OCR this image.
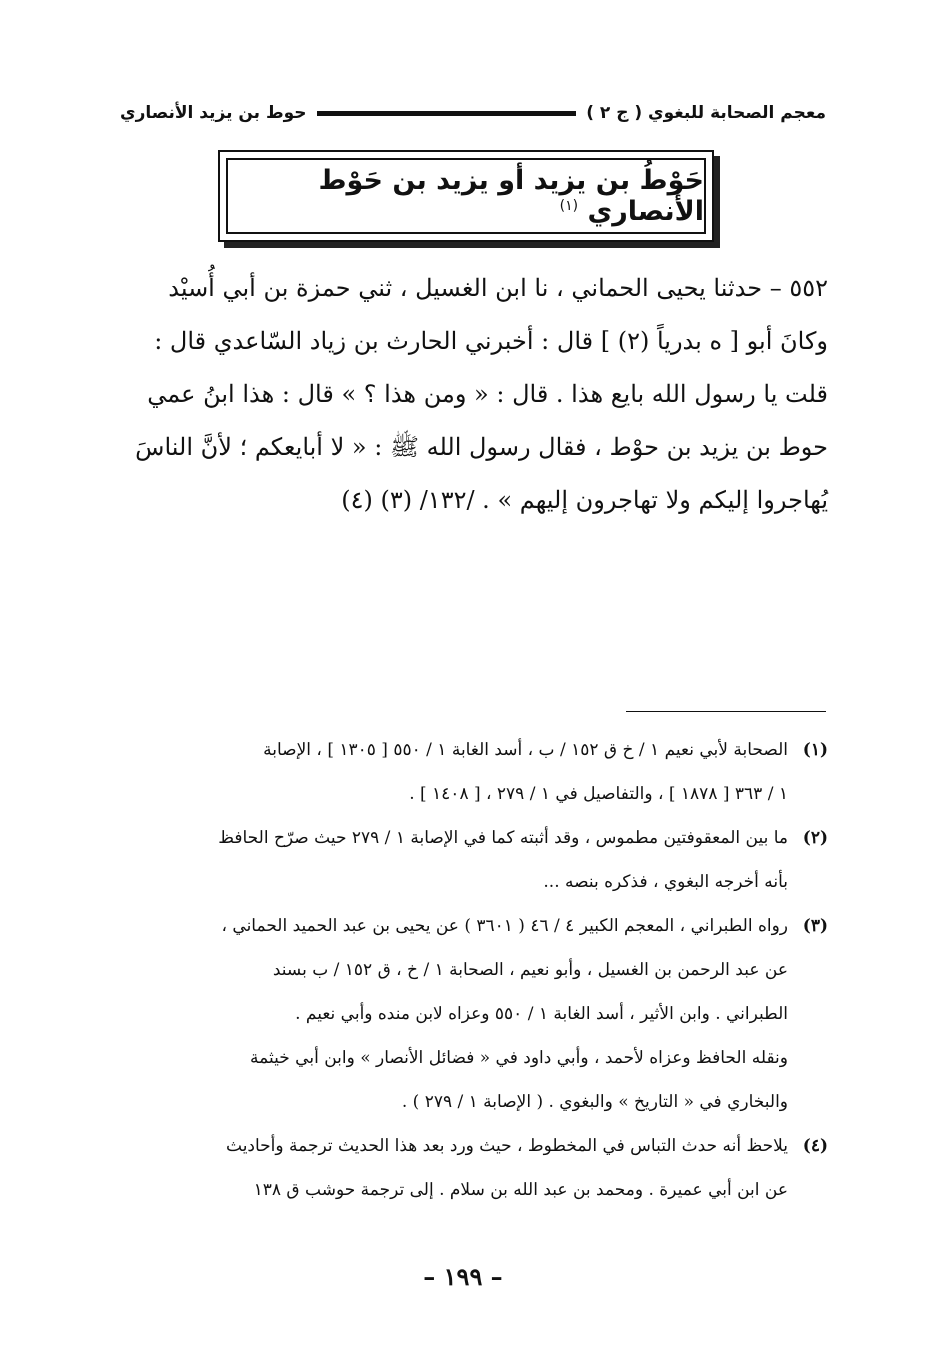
حوط بن يزيد الأنصاري	معجم الصحابة للبغوي ( ج ٢ )
حَوْطُ بن يزيد أو يزيد بن حَوْط الأنصاري $^{(١)}$

٥٥٢ – حدثنا يحيى الحماني ، نا ابن الغسيل ، ثني حمزة بن أبي أُسيْد

وكانَ أبو [ ه بدرياً (٢) ] قال : أخبرني الحارث بن زياد السّاعدي قال :

قلت يا رسول الله بايع هذا . قال : « ومن هذا ؟ » قال : هذا ابنُ عمي

حوط بن يزيد بن حوْط ، فقال رسول الله ﷺ : « لا أبايعكم ؛ لأنَّ الناسَ

يُهاجروا إليكم ولا تهاجرون إليهم » . /١٣٢/ (٣) (٤)

(١)
الصحابة لأبي نعيم ١ / خ ق ١٥٢ / ب ، أسد الغابة ١ / ٥٥٠ [ ١٣٠٥ ] ، الإصابة
١ / ٣٦٣ [ ١٨٧٨ ] ، والتفاصيل في ١ / ٢٧٩ ، [ ١٤٠٨ ] .
(٢)
ما بين المعقوفتين مطموس ، وقد أثبته كما في الإصابة ١ / ٢٧٩ حيث صرّح الحافظ
بأنه أخرجه البغوي ، فذكره بنصه ...
(٣)
رواه الطبراني ، المعجم الكبير ٤ / ٤٦ ( ٣٦٠١ ) عن يحيى بن عبد الحميد الحماني ،
عن عبد الرحمن بن الغسيل ، وأبو نعيم ، الصحابة ١ / خ ، ق ١٥٢ / ب بسند
الطبراني . وابن الأثير ، أسد الغابة ١ / ٥٥٠ وعزاه لابن منده وأبي نعيم .
ونقله الحافظ وعزاه لأحمد ، وأبي داود في « فضائل الأنصار » وابن أبي خيثمة
والبخاري في « التاريخ » والبغوي . ( الإصابة ١ / ٢٧٩ ) .
(٤)
يلاحظ أنه حدث التباس في المخطوط ، حيث ورد بعد هذا الحديث ترجمة وأحاديث
عن ابن أبي عميرة . ومحمد بن عبد الله بن سلام . إلى ترجمة حوشب ق ١٣٨
– ١٩٩ –
